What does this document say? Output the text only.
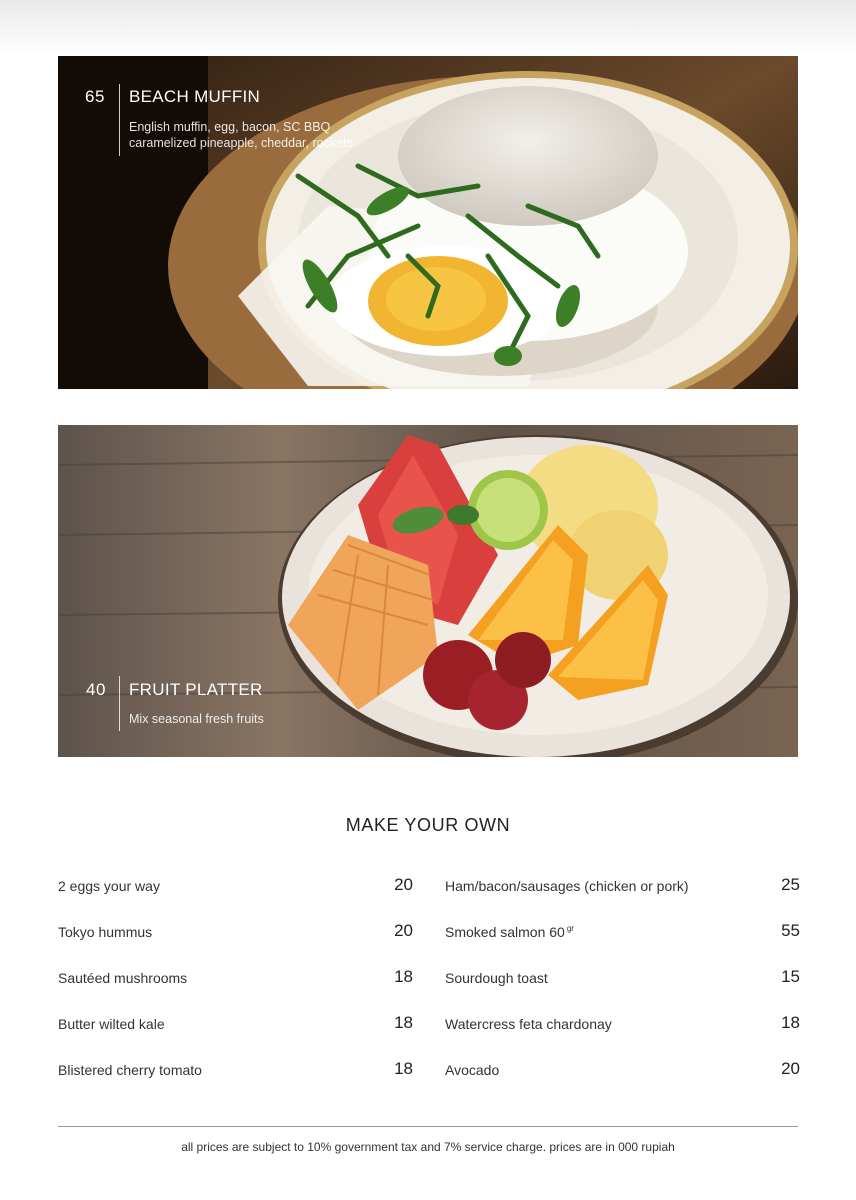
65 BEACH MUFFIN
English muffin, egg, bacon, SC BBQ
caramelized pineapple, cheddar, rockets
40 FRUIT PLATTER
Mix seasonal fresh fruits
MAKE YOUR OWN
2 eggs your way	20
Tokyo hummus	20
Sautéed mushrooms	18
Butter wilted kale	18
Blistered cherry tomato	18
Ham/bacon/sausages (chicken or pork)	25
Smoked salmon 60 $^{gr}$	55
Sourdough toast	15
Watercress feta chardonay	18
Avocado	20
all prices are subject to 10% government tax and 7% service charge. prices are in 000 rupiah
